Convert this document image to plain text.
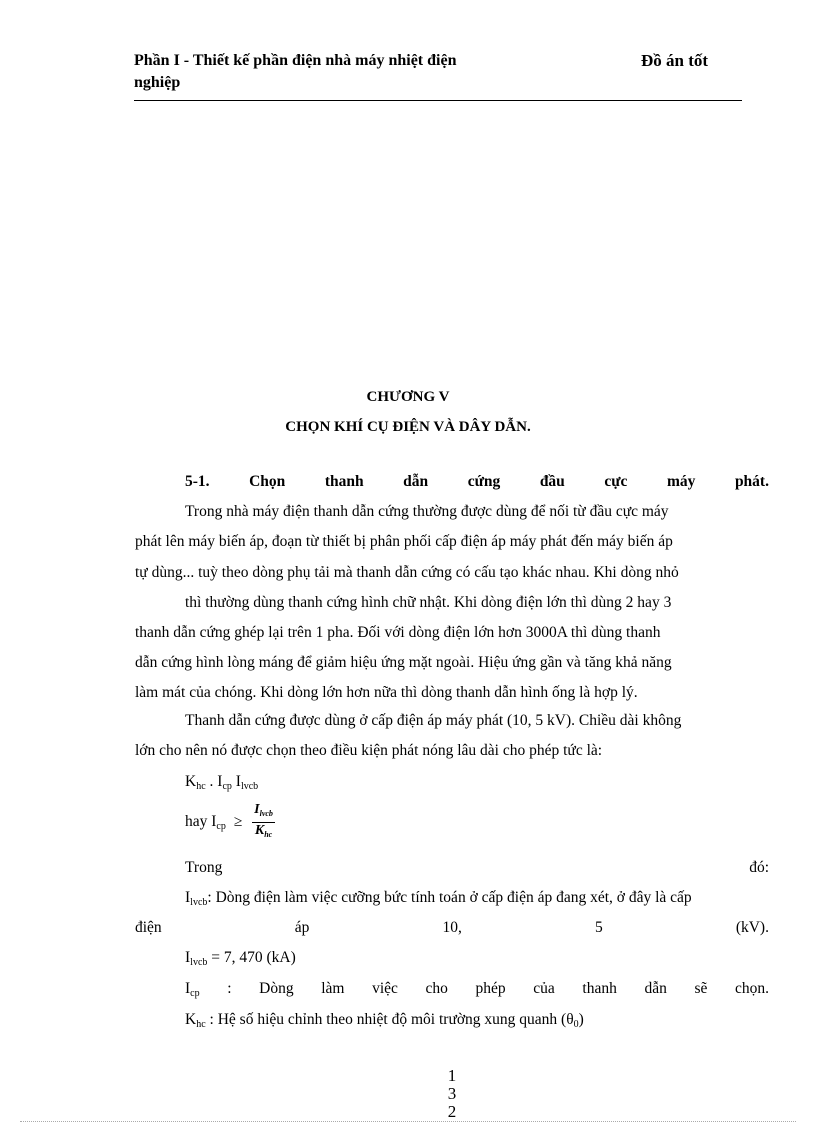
Phần I - Thiết kế phần điện nhà máy nhiệt điện
nghiệp
Đồ án tốt
CHƯƠNG V
CHỌN KHÍ CỤ ĐIỆN VÀ DÂY DẪN.
5-1.	Chọn	thanh	dẫn	cứng	đầu	cực	máy	phát.
Trong nhà máy điện thanh dẫn cứng thường được dùng để nối từ đầu cực máy
phát lên máy biến áp, đoạn từ thiết bị phân phối cấp điện áp máy phát đến máy biến áp
tự dùng... tuỳ theo dòng phụ tải mà thanh dẫn cứng có cấu tạo khác nhau. Khi dòng nhỏ
thì thường dùng thanh cứng hình chữ nhật. Khi dòng điện lớn thì dùng 2 hay 3
thanh dẫn cứng ghép lại trên 1 pha. Đối với dòng điện lớn hơn 3000A thì dùng thanh
dẫn cứng hình lòng máng để giảm hiệu ứng mặt ngoài. Hiệu ứng gần và tăng khả năng
làm mát của chóng. Khi dòng lớn hơn nữa thì dòng thanh dẫn hình ống là hợp lý.
Thanh dẫn cứng được dùng ở cấp điện áp máy phát (10, 5 kV). Chiều dài không
lớn cho nên nó được chọn theo điều kiện phát nóng lâu dài cho phép tức là:
$K_{hc}$ . $I_{cp}$ $I_{lvcb}$
hay $I_{cp} \ge \frac{I_{lvcb}}{K_{hc}}$
Trong	đó:
$I_{lvcb}$: Dòng điện làm việc cưỡng bức tính toán ở cấp điện áp đang xét, ở đây là cấp
điện	áp	10,	5	(kV).
$I_{lvcb} = 7$, 470 (kA)
$I_{cp}$ : Dòng làm việc cho phép của thanh dẫn sẽ chọn.
$K_{hc}$ : Hệ số hiệu chỉnh theo nhiệt độ môi trường xung quanh $(\theta_0)$
1
3
2
